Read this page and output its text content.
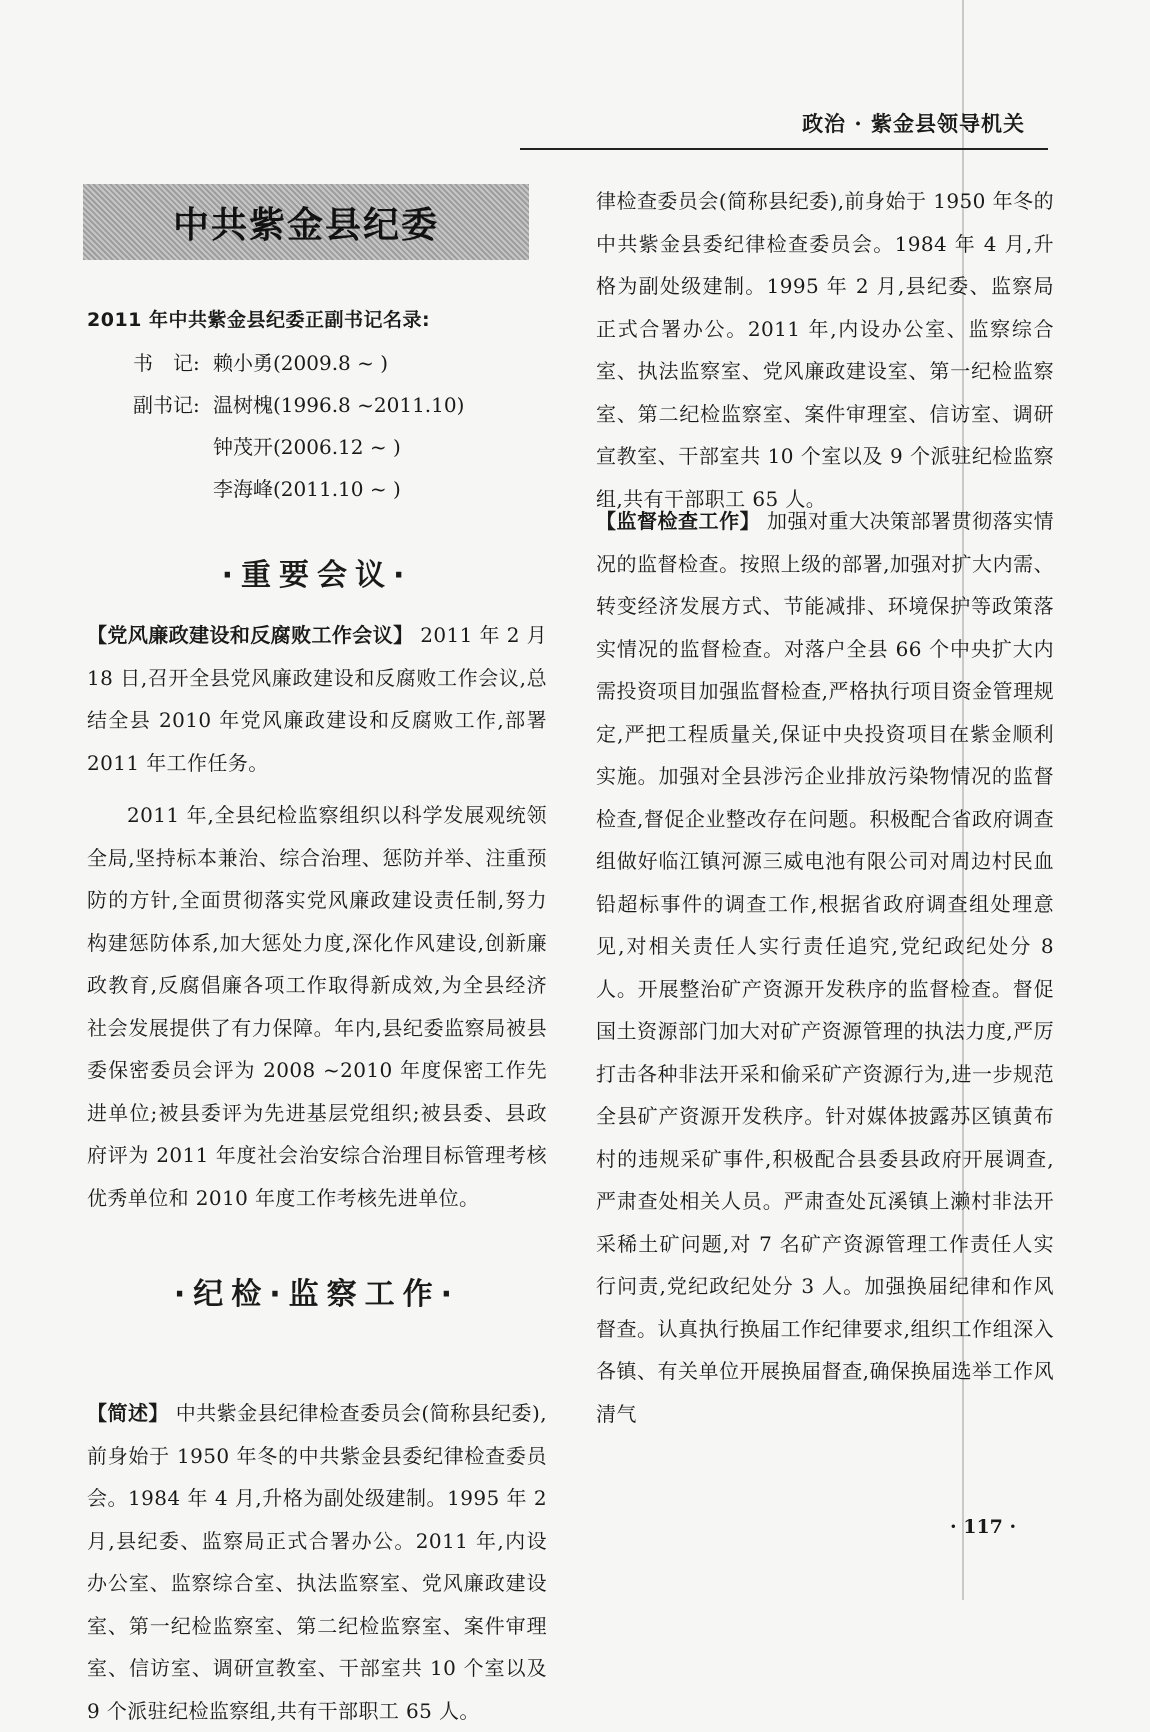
政治 · 紫金县领导机关
中共紫金县纪委
2011 年中共紫金县纪委正副书记名录:
书　记: 赖小勇(2009.8 ~ )
副书记: 温树槐(1996.8 ~2011.10)
钟茂开(2006.12 ~ )
李海峰(2011.10 ~ )
·重要会议·

【党风廉政建设和反腐败工作会议】 2011 年 2 月 18 日,召开全县党风廉政建设和反腐败工作会议,总结全县 2010 年党风廉政建设和反腐败工作,部署 2011 年工作任务。

2011 年,全县纪检监察组织以科学发展观统领全局,坚持标本兼治、综合治理、惩防并举、注重预防的方针,全面贯彻落实党风廉政建设责任制,努力构建惩防体系,加大惩处力度,深化作风建设,创新廉政教育,反腐倡廉各项工作取得新成效,为全县经济社会发展提供了有力保障。年内,县纪委监察局被县委保密委员会评为 2008 ~2010 年度保密工作先进单位;被县委评为先进基层党组织;被县委、县政府评为 2011 年度社会治安综合治理目标管理考核优秀单位和 2010 年度工作考核先进单位。

·纪检·监察工作·

【简述】 中共紫金县纪律检查委员会(简称县纪委),前身始于 1950 年冬的中共紫金县委纪律检查委员会。1984 年 4 月,升格为副处级建制。1995 年 2 月,县纪委、监察局正式合署办公。2011 年,内设办公室、监察综合室、执法监察室、党风廉政建设室、第一纪检监察室、第二纪检监察室、案件审理室、信访室、调研宣教室、干部室共 10 个室以及 9 个派驻纪检监察组,共有干部职工 65 人。

律检查委员会(简称县纪委),前身始于 1950 年冬的中共紫金县委纪律检查委员会。1984 年 4 月,升格为副处级建制。1995 年 2 月,县纪委、监察局正式合署办公。2011 年,内设办公室、监察综合室、执法监察室、党风廉政建设室、第一纪检监察室、第二纪检监察室、案件审理室、信访室、调研宣教室、干部室共 10 个室以及 9 个派驻纪检监察组,共有干部职工 65 人。

【监督检查工作】 加强对重大决策部署贯彻落实情况的监督检查。按照上级的部署,加强对扩大内需、转变经济发展方式、节能减排、环境保护等政策落实情况的监督检查。对落户全县 66 个中央扩大内需投资项目加强监督检查,严格执行项目资金管理规定,严把工程质量关,保证中央投资项目在紫金顺利实施。加强对全县涉污企业排放污染物情况的监督检查,督促企业整改存在问题。积极配合省政府调查组做好临江镇河源三威电池有限公司对周边村民血铅超标事件的调查工作,根据省政府调查组处理意见,对相关责任人实行责任追究,党纪政纪处分 8 人。开展整治矿产资源开发秩序的监督检查。督促国土资源部门加大对矿产资源管理的执法力度,严厉打击各种非法开采和偷采矿产资源行为,进一步规范全县矿产资源开发秩序。针对媒体披露苏区镇黄布村的违规采矿事件,积极配合县委县政府开展调查,严肃查处相关人员。严肃查处瓦溪镇上濑村非法开采稀土矿问题,对 7 名矿产资源管理工作责任人实行问责,党纪政纪处分 3 人。加强换届纪律和作风督查。认真执行换届工作纪律要求,组织工作组深入各镇、有关单位开展换届督查,确保换届选举工作风清气

· 117 ·
